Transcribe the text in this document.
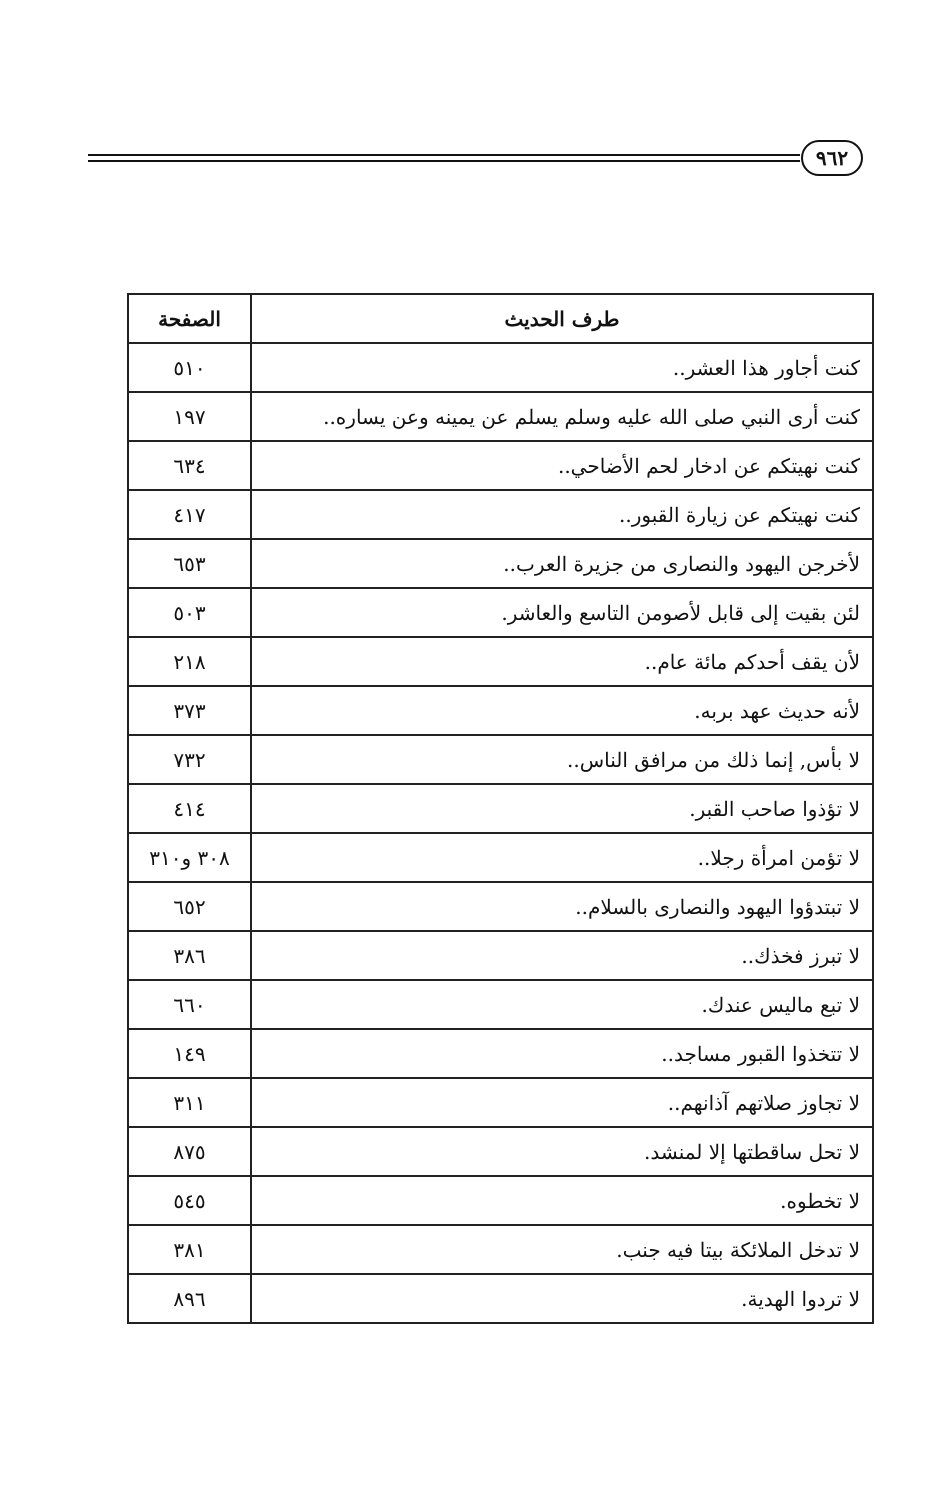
٩٦٢
طرف الحديث	الصفحة
كنت أجاور هذا العشر..	٥١٠
كنت أرى النبي صلى الله عليه وسلم يسلم عن يمينه وعن يساره..	١٩٧
كنت نهيتكم عن ادخار لحم الأضاحي..	٦٣٤
كنت نهيتكم عن زيارة القبور..	٤١٧
لأخرجن اليهود والنصارى من جزيرة العرب..	٦٥٣
لئن بقيت إلى قابل لأصومن التاسع والعاشر.	٥٠٣
لأن يقف أحدكم مائة عام..	٢١٨
لأنه حديث عهد بربه.	٣٧٣
لا بأس, إنما ذلك من مرافق الناس..	٧٣٢
لا تؤذوا صاحب القبر.	٤١٤
لا تؤمن امرأة رجلا..	٣٠٨ و٣١٠
لا تبتدؤوا اليهود والنصارى بالسلام..	٦٥٢
لا تبرز فخذك..	٣٨٦
لا تبع ماليس عندك.	٦٦٠
لا تتخذوا القبور مساجد..	١٤٩
لا تجاوز صلاتهم آذانهم..	٣١١
لا تحل ساقطتها إلا لمنشد.	٨٧٥
لا تخطوه.	٥٤٥
لا تدخل الملائكة بيتا فيه جنب.	٣٨١
لا تردوا الهدية.	٨٩٦
